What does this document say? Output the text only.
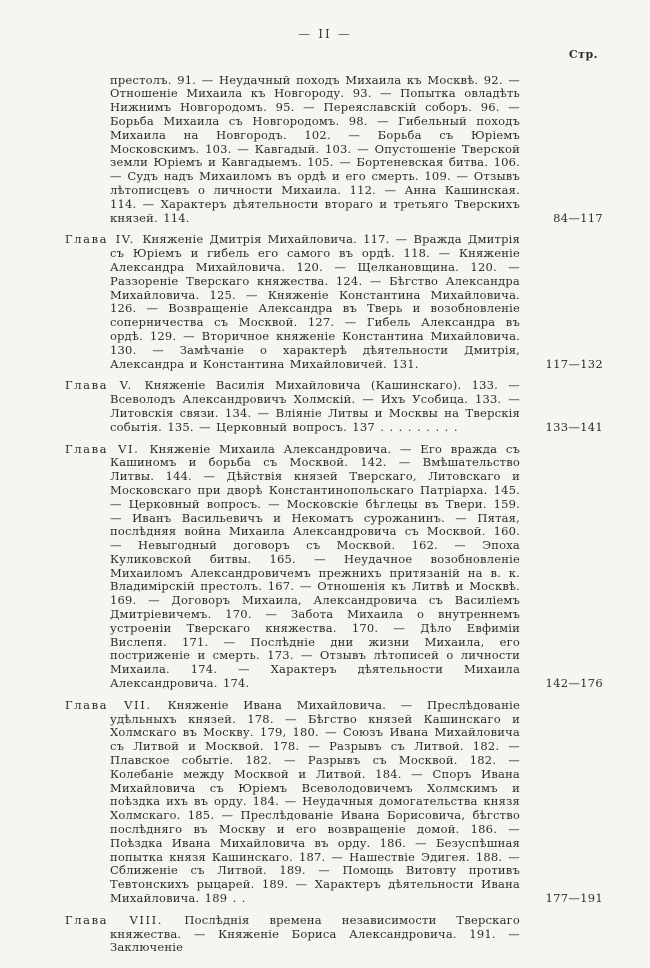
— II —
Стр.
престолъ. 91. — Неудачный походъ Михаила къ Москвѣ. 92. — Отношеніе Михаила къ Новгороду. 93. — Попытка овладѣть Нижнимъ Новгородомъ. 95. — Переяславскій соборъ. 96. — Борьба Михаила съ Новгородомъ. 98. — Гибельный походъ Михаила на Новгородъ. 102. — Борьба съ Юріемъ Московскимъ. 103. — Кавгадый. 103. — Опустошеніе Тверской земли Юріемъ и Кавгадыемъ. 105. — Бортеневская битва. 106. — Судъ надъ Михаиломъ въ ордѣ и его смерть. 109. — Отзывъ лѣтописцевъ о личности Михаила. 112. — Анна Кашинская. 114. — Характеръ дѣятельности втораго и третьяго Тверскихъ князей. 114.	84—117
Глава IV. Княженіе Дмитрія Михайловича. 117. — Вражда Дмитрія съ Юріемъ и гибель его самого въ ордѣ. 118. — Княженіе Александра Михайловича. 120. — Щелкановщина. 120. — Раззореніе Тверскаго княжества. 124. — Бѣгство Александра Михайловича. 125. — Княженіе Константина Михайловича. 126. — Возвращеніе Александра въ Тверь и возобновленіе соперничества съ Москвой. 127. — Гибель Александра въ ордѣ. 129. — Вторичное княженіе Константина Михайловича. 130. — Замѣчаніе о характерѣ дѣятельности Дмитрія, Александра и Константина Михайловичей. 131.	117—132
Глава V. Княженіе Василія Михайловича (Кашинскаго). 133. — Всеволодъ Александровичъ Холмскій. — Ихъ Усобица. 133. — Литовскія связи. 134. — Вліяніе Литвы и Москвы на Тверскія событія. 135. — Церковный вопросъ. 137 . . . . . . . . .	133—141
Глава VI. Княженіе Михаила Александровича. — Его вражда съ Кашиномъ и борьба съ Москвой. 142. — Вмѣшательство Литвы. 144. — Дѣйствія князей Тверскаго, Литовскаго и Московскаго при дворѣ Константинопольскаго Патріарха. 145. — Церковный вопросъ. — Московскіе бѣглецы въ Твери. 159. — Иванъ Васильевичъ и Некоматъ сурожанинъ. — Пятая, послѣдняя война Михаила Александровича съ Москвой. 160. — Невыгодный договоръ съ Москвой. 162. — Эпоха Куликовской битвы. 165. — Неудачное возобновленіе Михаиломъ Александровичемъ прежнихъ притязаній на в. к. Владимірскій престолъ. 167. — Отношенія къ Литвѣ и Москвѣ. 169. — Договоръ Михаила, Александровича съ Василіемъ Дмитріевичемъ. 170. — Забота Михаила о внутреннемъ устроеніи Тверскаго княжества. 170. — Дѣло Евфиміи Вислепя. 171. — Послѣдніе дни жизни Михаила, его постриженіе и смерть. 173. — Отзывъ лѣтописей о личности Михаила. 174. — Характеръ дѣятельности Михаила Александровича. 174.	142—176
Глава VII. Княженіе Ивана Михайловича. — Преслѣдованіе удѣльныхъ князей. 178. — Бѣгство князей Кашинскаго и Холмскаго въ Москву. 179, 180. — Союзъ Ивана Михайловича съ Литвой и Москвой. 178. — Разрывъ съ Литвой. 182. — Плавское событіе. 182. — Разрывъ съ Москвой. 182. — Колебаніе между Москвой и Литвой. 184. — Споръ Ивана Михайловича съ Юріемъ Всеволодовичемъ Холмскимъ и поѣздка ихъ въ орду. 184. — Неудачныя домогательства князя Холмскаго. 185. — Преслѣдованіе Ивана Борисовича, бѣгство послѣдняго въ Москву и его возвращеніе домой. 186. — Поѣздка Ивана Михайловича въ орду. 186. — Безуспѣшная попытка князя Кашинскаго. 187. — Нашествіе Эдигея. 188. — Сближеніе съ Литвой. 189. — Помощь Витовту противъ Тевтонскихъ рыцарей. 189. — Характеръ дѣятельности Ивана Михайловича. 189 . .	177—191
Глава VIII. Послѣднія времена независимости Тверскаго княжества. — Княженіе Бориса Александровича. 191. — Заключеніе
